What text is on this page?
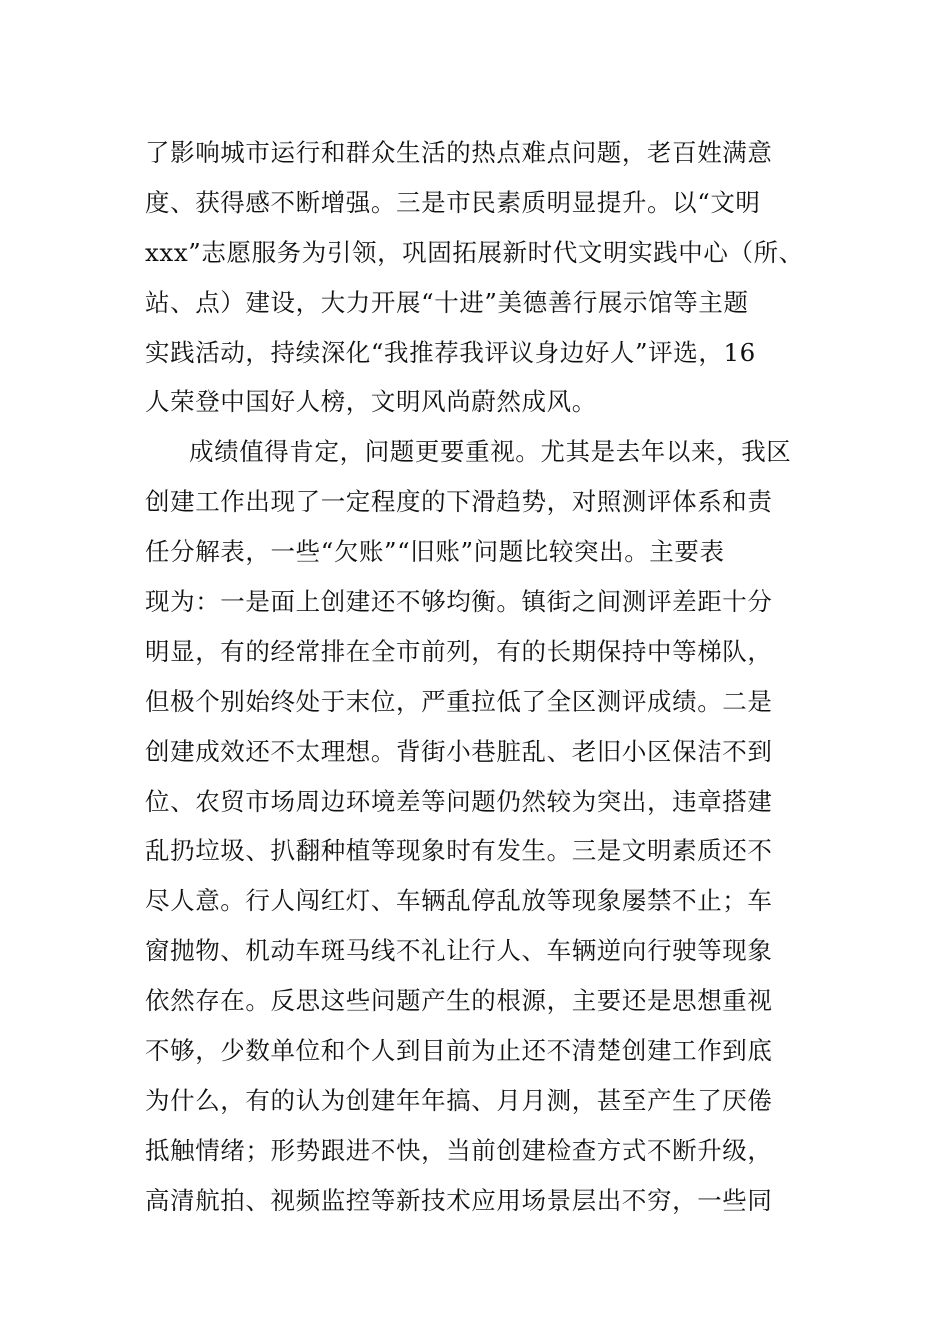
了影响城市运行和群众生活的热点难点问题，老百姓满意
度、获得感不断增强。三是市民素质明显提升。以“文明
xxx”志愿服务为引领，巩固拓展新时代文明实践中心（所、
站、点）建设，大力开展“十进”美德善行展示馆等主题
实践活动，持续深化“我推荐我评议身边好人”评选，16
人荣登中国好人榜，文明风尚蔚然成风。
成绩值得肯定，问题更要重视。尤其是去年以来，我区
创建工作出现了一定程度的下滑趋势，对照测评体系和责
任分解表，一些“欠账”“旧账”问题比较突出。主要表
现为：一是面上创建还不够均衡。镇街之间测评差距十分
明显，有的经常排在全市前列，有的长期保持中等梯队，
但极个别始终处于末位，严重拉低了全区测评成绩。二是
创建成效还不太理想。背街小巷脏乱、老旧小区保洁不到
位、农贸市场周边环境差等问题仍然较为突出，违章搭建
乱扔垃圾、扒翻种植等现象时有发生。三是文明素质还不
尽人意。行人闯红灯、车辆乱停乱放等现象屡禁不止；车
窗抛物、机动车斑马线不礼让行人、车辆逆向行驶等现象
依然存在。反思这些问题产生的根源，主要还是思想重视
不够，少数单位和个人到目前为止还不清楚创建工作到底
为什么，有的认为创建年年搞、月月测，甚至产生了厌倦
抵触情绪；形势跟进不快，当前创建检查方式不断升级，
高清航拍、视频监控等新技术应用场景层出不穷，一些同
